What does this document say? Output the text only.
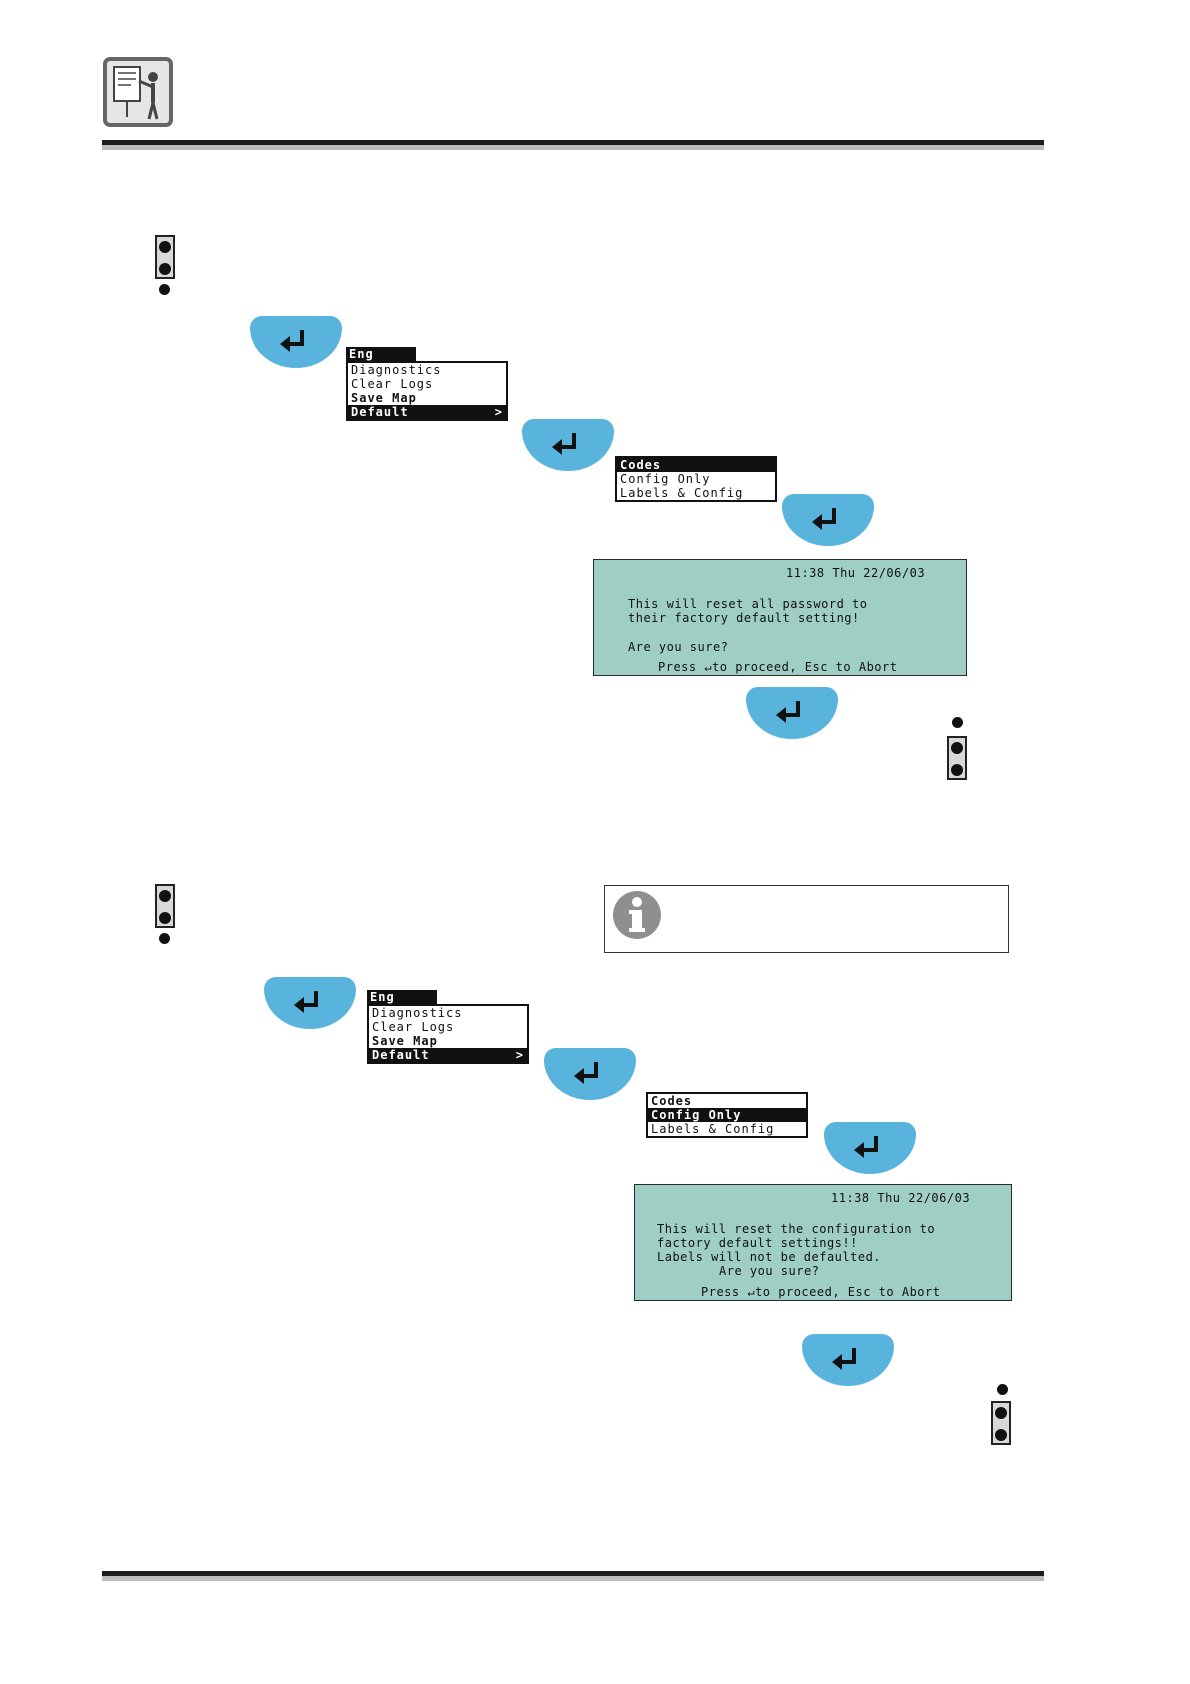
Eng
Diagnostics
Clear Logs
Save Map
Default	>
Codes
Config Only
Labels & Config
11:38 Thu 22/06/03
This will reset all password to
their factory default setting!
Are you sure?
Press ↵to proceed, Esc to Abort
Eng
Diagnostics
Clear Logs
Save Map
Default	>
Codes
Config Only
Labels & Config
11:38 Thu 22/06/03
This will reset the configuration to
factory default settings!!
Labels will not be defaulted.
Are you sure?
Press ↵to proceed, Esc to Abort
